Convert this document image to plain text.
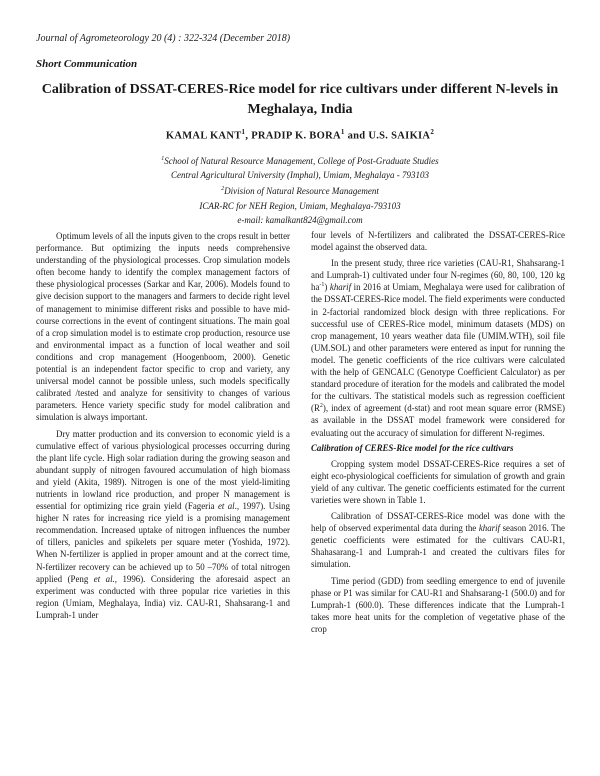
Journal of Agrometeorology 20 (4) : 322-324 (December 2018)
Short Communication
Calibration of DSSAT-CERES-Rice model for rice cultivars under different N-levels in Meghalaya, India
KAMAL KANT$^1$, PRADIP K. BORA$^1$ and U.S. SAIKIA$^2$
$^1$School of Natural Resource Management, College of Post-Graduate Studies
Central Agricultural University (Imphal), Umiam, Meghalaya - 793103
$^2$Division of Natural Resource Management
ICAR-RC for NEH Region, Umiam, Meghalaya-793103
e-mail: kamalkant824@gmail.com

Optimum levels of all the inputs given to the crops result in better performance. But optimizing the inputs needs comprehensive understanding of the physiological processes. Crop simulation models often become handy to identify the complex management factors of these physiological processes (Sarkar and Kar, 2006). Models found to give decision support to the managers and farmers to decide right level of management to minimise different risks and possible to have mid-course corrections in the event of contingent situations. The main goal of a crop simulation model is to estimate crop production, resource use and environmental impact as a function of local weather and soil conditions and crop management (Hoogenboom, 2000). Genetic potential is an independent factor specific to crop and variety, any universal model cannot be possible unless, such models specifically calibrated /tested and analyze for sensitivity to changes of various parameters. Hence variety specific study for model calibration and simulation is always important.

Dry matter production and its conversion to economic yield is a cumulative effect of various physiological processes occurring during the plant life cycle. High solar radiation during the growing season and abundant supply of nitrogen favoured accumulation of high biomass and yield (Akita, 1989). Nitrogen is one of the most yield-limiting nutrients in lowland rice production, and proper N management is essential for optimizing rice grain yield (Fageria et al., 1997). Using higher N rates for increasing rice yield is a promising management recommendation. Increased uptake of nitrogen influences the number of tillers, panicles and spikelets per square meter (Yoshida, 1972). When N-fertilizer is applied in proper amount and at the correct time, N-fertilizer recovery can be achieved up to 50 –70% of total nitrogen applied (Peng et al., 1996). Considering the aforesaid aspect an experiment was conducted with three popular rice varieties in this region (Umiam, Meghalaya, India) viz. CAU-R1, Shahsarang-1 and Lumprah-1 under

four levels of N-fertilizers and calibrated the DSSAT-CERES-Rice model against the observed data.

In the present study, three rice varieties (CAU-R1, Shahsarang-1 and Lumprah-1) cultivated under four N-regimes (60, 80, 100, 120 kg $ha^{-1}$) kharif in 2016 at Umiam, Meghalaya were used for calibration of the DSSAT-CERES-Rice model. The field experiments were conducted in 2-factorial randomized block design with three replications. For successful use of CERES-Rice model, minimum datasets (MDS) on crop management, 10 years weather data file (UMIM.WTH), soil file (UM.SOL) and other parameters were entered as input for running the model. The genetic coefficients of the rice cultivars were calculated with the help of GENCALC (Genotype Coefficient Calculator) as per standard procedure of iteration for the models and calibrated the model for the cultivars. The statistical models such as regression coefficient $(R^2)$, index of agreement (d-stat) and root mean square error (RMSE) as available in the DSSAT model framework were considered for evaluating out the accuracy of simulation for different N-regimes.

Calibration of CERES-Rice model for the rice cultivars

Cropping system model DSSAT-CERES-Rice requires a set of eight eco-physiological coefficients for simulation of growth and grain yield of any cultivar. The genetic coefficients estimated for the current varieties were shown in Table 1.

Calibration of DSSAT-CERES-Rice model was done with the help of observed experimental data during the kharif season 2016. The genetic coefficients were estimated for the cultivars CAU-R1, Shahasarang-1 and Lumprah-1 and created the cultivars files for simulation.

Time period (GDD) from seedling emergence to end of juvenile phase or P1 was similar for CAU-R1 and Shahsarang-1 (500.0) and for Lumprah-1 (600.0). These differences indicate that the Lumprah-1 takes more heat units for the completion of vegetative phase of the crop
